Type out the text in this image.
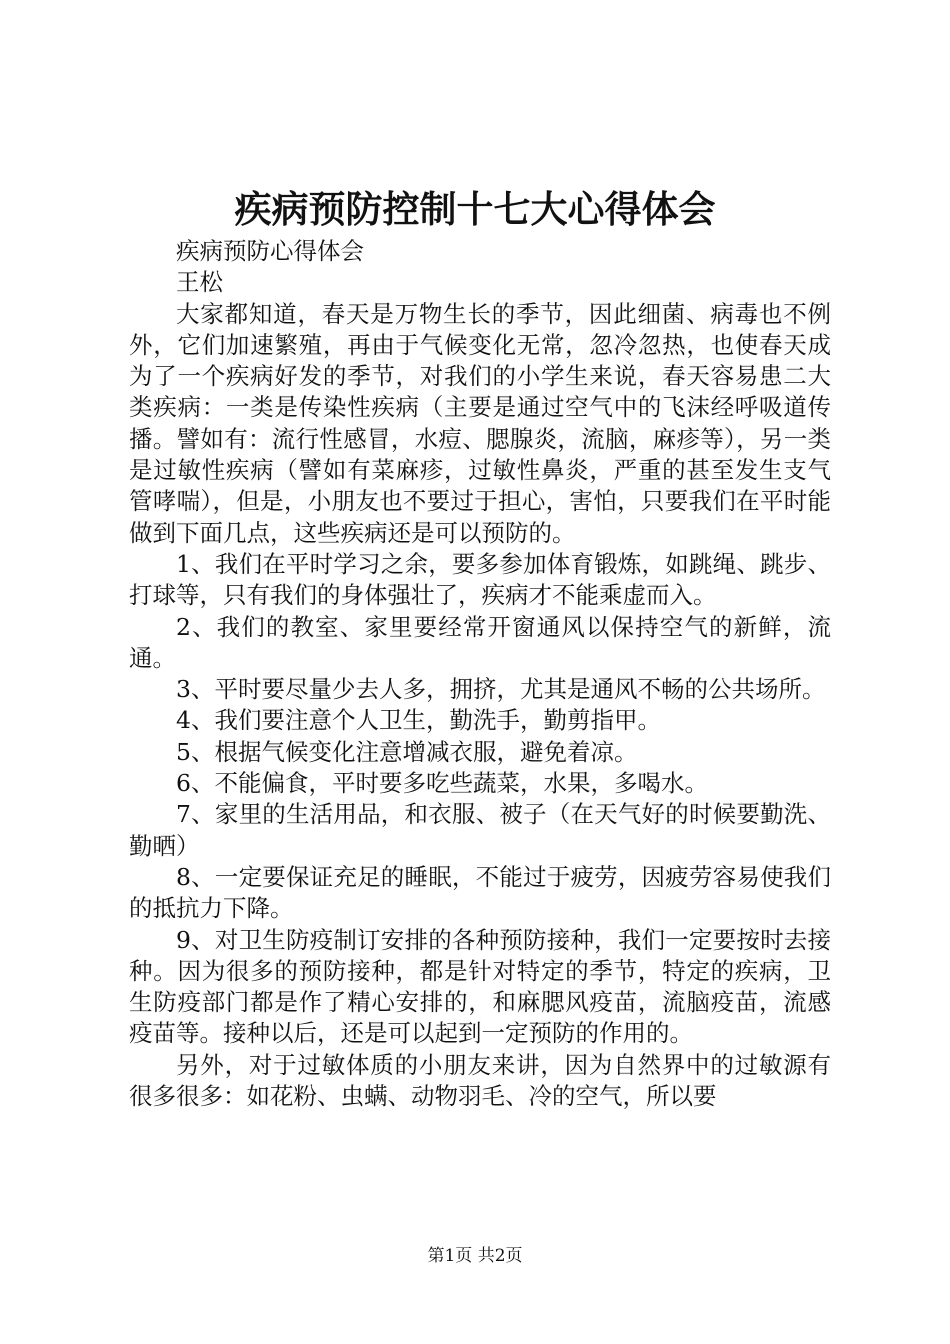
疾病预防控制十七大心得体会

疾病预防心得体会

王松

大家都知道，春天是万物生长的季节，因此细菌、病毒也不例外，它们加速繁殖，再由于气候变化无常，忽冷忽热，也使春天成为了一个疾病好发的季节，对我们的小学生来说，春天容易患二大类疾病：一类是传染性疾病（主要是通过空气中的飞沫经呼吸道传播。譬如有：流行性感冒，水痘、腮腺炎，流脑，麻疹等），另一类是过敏性疾病（譬如有菜麻疹，过敏性鼻炎，严重的甚至发生支气管哮喘），但是，小朋友也不要过于担心，害怕，只要我们在平时能做到下面几点，这些疾病还是可以预防的。

1、我们在平时学习之余，要多参加体育锻炼，如跳绳、跳步、打球等，只有我们的身体强壮了，疾病才不能乘虚而入。

2、我们的教室、家里要经常开窗通风以保持空气的新鲜，流通。

3、平时要尽量少去人多，拥挤，尤其是通风不畅的公共场所。

4、我们要注意个人卫生，勤洗手，勤剪指甲。

5、根据气候变化注意增减衣服，避免着凉。

6、不能偏食，平时要多吃些蔬菜，水果，多喝水。

7、家里的生活用品，和衣服、被子（在天气好的时候要勤洗、勤晒）

8、一定要保证充足的睡眠，不能过于疲劳，因疲劳容易使我们的抵抗力下降。

9、对卫生防疫制订安排的各种预防接种，我们一定要按时去接种。因为很多的预防接种，都是针对特定的季节，特定的疾病，卫生防疫部门都是作了精心安排的，和麻腮风疫苗，流脑疫苗，流感疫苗等。接种以后，还是可以起到一定预防的作用的。

另外，对于过敏体质的小朋友来讲，因为自然界中的过敏源有很多很多：如花粉、虫螨、动物羽毛、冷的空气，所以要

第1页 共2页
